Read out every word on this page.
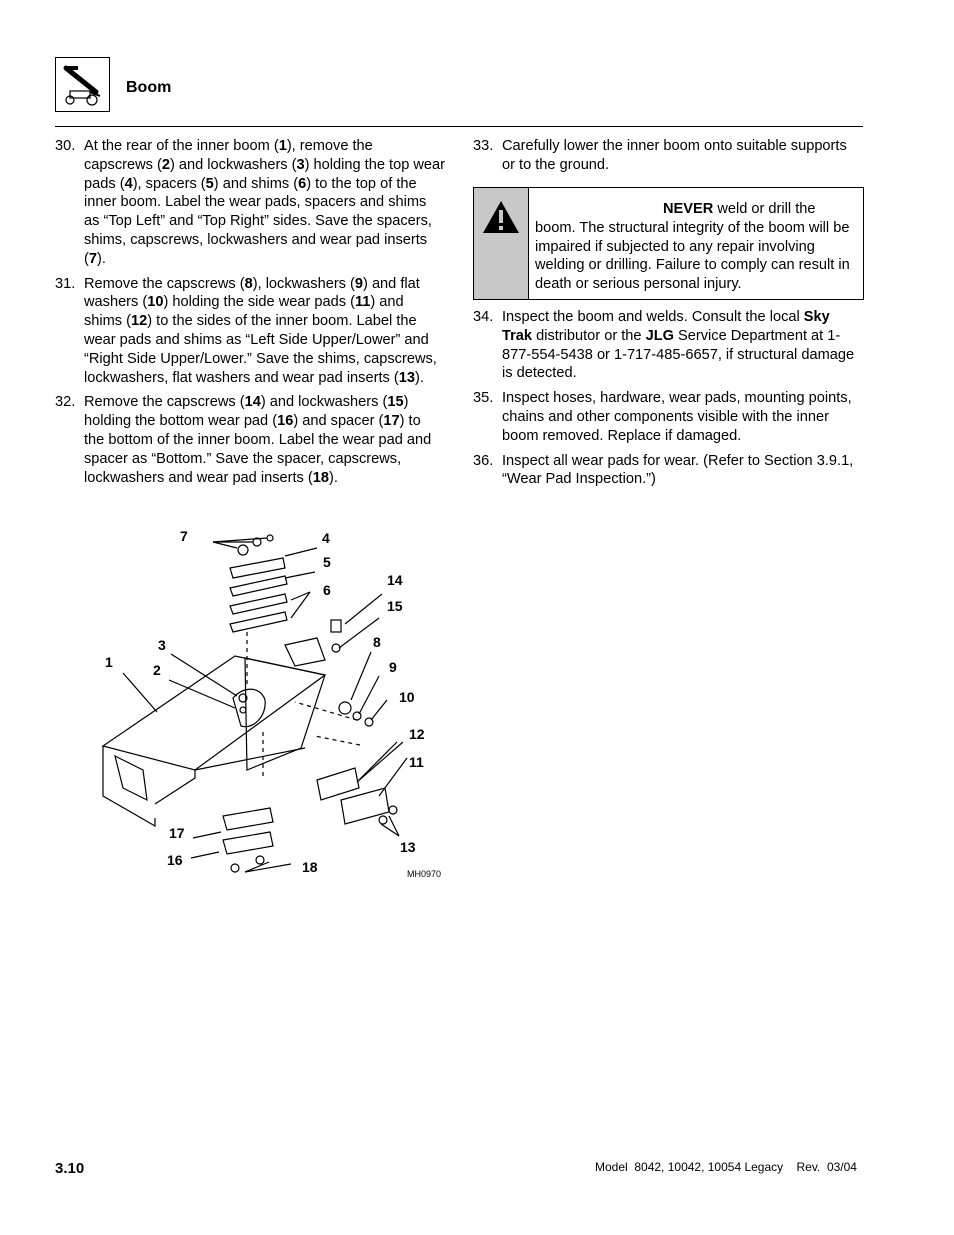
Boom
30. At the rear of the inner boom (1), remove the capscrews (2) and lockwashers (3) holding the top wear pads (4), spacers (5) and shims (6) to the top of the inner boom. Label the wear pads, spacers and shims as “Top Left” and “Top Right” sides. Save the spacers, shims, capscrews, lockwashers and wear pad inserts (7).
31. Remove the capscrews (8), lockwashers (9) and flat washers (10) holding the side wear pads (11) and shims (12) to the sides of the inner boom. Label the wear pads and shims as “Left Side Upper/Lower” and “Right Side Upper/Lower.” Save the shims, capscrews, lockwashers, flat washers and wear pad inserts (13).
32. Remove the capscrews (14) and lockwashers (15) holding the bottom wear pad (16) and spacer (17) to the bottom of the inner boom. Label the wear pad and spacer as “Bottom.” Save the spacer, capscrews, lockwashers and wear pad inserts (18).
33. Carefully lower the inner boom onto suitable supports or to the ground.
NEVER weld or drill the boom. The structural integrity of the boom will be impaired if subjected to any repair involving welding or drilling. Failure to comply can result in death or serious personal injury.
34. Inspect the boom and welds. Consult the local Sky Trak distributor or the JLG Service Department at 1-877-554-5438 or 1-717-485-6657, if structural damage is detected.
35. Inspect hoses, hardware, wear pads, mounting points, chains and other components visible with the inner boom removed. Replace if damaged.
36. Inspect all wear pads for wear. (Refer to Section 3.9.1, “Wear Pad Inspection.”)
7	4
5
6
14
15
3
1	2
8
9
10
12
11
13
17
16	18	MH0970
3.10	Model  8042, 10042, 10054 Legacy    Rev.  03/04
